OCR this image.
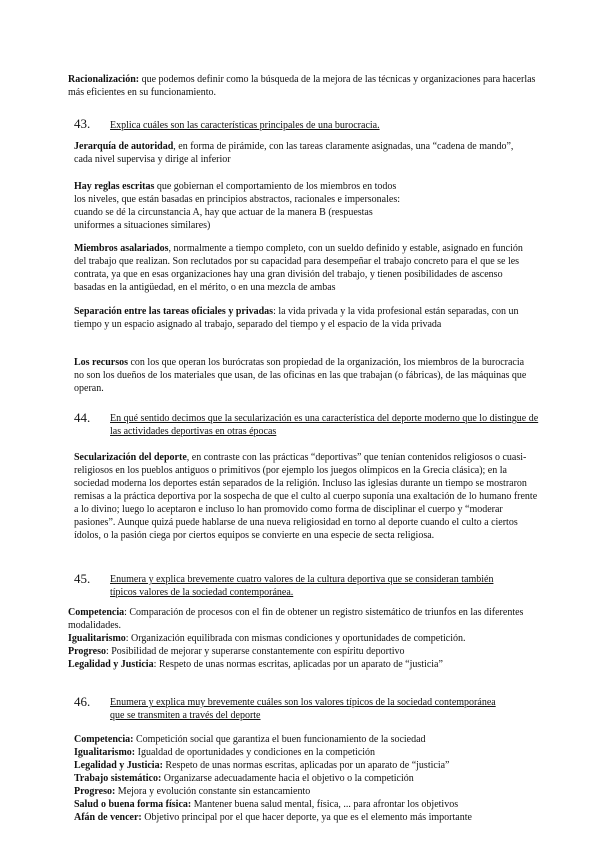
Racionalización: que podemos definir como la búsqueda de la mejora de las técnicas y organizaciones para hacerlas más eficientes en su funcionamiento.
43. Explica cuáles son las características principales de una burocracia.
Jerarquía de autoridad, en forma de pirámide, con las tareas claramente asignadas, una “cadena de mando”, cada nivel supervisa y dirige al inferior
Hay reglas escritas que gobiernan el comportamiento de los miembros en todos los niveles, que están basadas en principios abstractos, racionales e impersonales: cuando se dé la circunstancia A, hay que actuar de la manera B (respuestas uniformes a situaciones similares)
Miembros asalariados, normalmente a tiempo completo, con un sueldo definido y estable, asignado en función del trabajo que realizan. Son reclutados por su capacidad para desempeñar el trabajo concreto para el que se les contrata, ya que en esas organizaciones hay una gran división del trabajo, y tienen posibilidades de ascenso basadas en la antigüedad, en el mérito, o en una mezcla de ambas
Separación entre las tareas oficiales y privadas: la vida privada y la vida profesional están separadas, con un tiempo y un espacio asignado al trabajo, separado del tiempo y el espacio de la vida privada
Los recursos con los que operan los burócratas son propiedad de la organización, los miembros de la burocracia no son los dueños de los materiales que usan, de las oficinas en las que trabajan (o fábricas), de las máquinas que operan.
44. En qué sentido decimos que la secularización es una característica del deporte moderno que lo distingue de las actividades deportivas en otras épocas
Secularización del deporte, en contraste con las prácticas “deportivas” que tenían contenidos religiosos o cuasi-religiosos en los pueblos antiguos o primitivos (por ejemplo los juegos olímpicos en la Grecia clásica); en la sociedad moderna los deportes están separados de la religión. Incluso las iglesias durante un tiempo se mostraron remisas a la práctica deportiva por la sospecha de que el culto al cuerpo suponía una exaltación de lo humano frente a lo divino; luego lo aceptaron e incluso lo han promovido como forma de disciplinar el cuerpo y “moderar pasiones”. Aunque quizá puede hablarse de una nueva religiosidad en torno al deporte cuando el culto a ciertos ídolos, o la pasión ciega por ciertos equipos se convierte en una especie de secta religiosa.
45. Enumera y explica brevemente cuatro valores de la cultura deportiva que se consideran también típicos valores de la sociedad contemporánea.

Competencia: Comparación de procesos con el fin de obtener un registro sistemático de triunfos en las diferentes modalidades.

Igualitarismo: Organización equilibrada con mismas condiciones y oportunidades de competición.

Progreso: Posibilidad de mejorar y superarse constantemente con espíritu deportivo

Legalidad y Justicia: Respeto de unas normas escritas, aplicadas por un aparato de “justicia”

46. Enumera y explica muy brevemente cuáles son los valores típicos de la sociedad contemporánea que se transmiten a través del deporte

Competencia: Competición social que garantiza el buen funcionamiento de la sociedad

Igualitarismo: Igualdad de oportunidades y condiciones en la competición

Legalidad y Justicia: Respeto de unas normas escritas, aplicadas por un aparato de “justicia”

Trabajo sistemático: Organizarse adecuadamente hacia el objetivo o la competición

Progreso: Mejora y evolución constante sin estancamiento

Salud o buena forma física: Mantener buena salud mental, física, ... para afrontar los objetivos

Afán de vencer: Objetivo principal por el que hacer deporte, ya que es el elemento más importante
